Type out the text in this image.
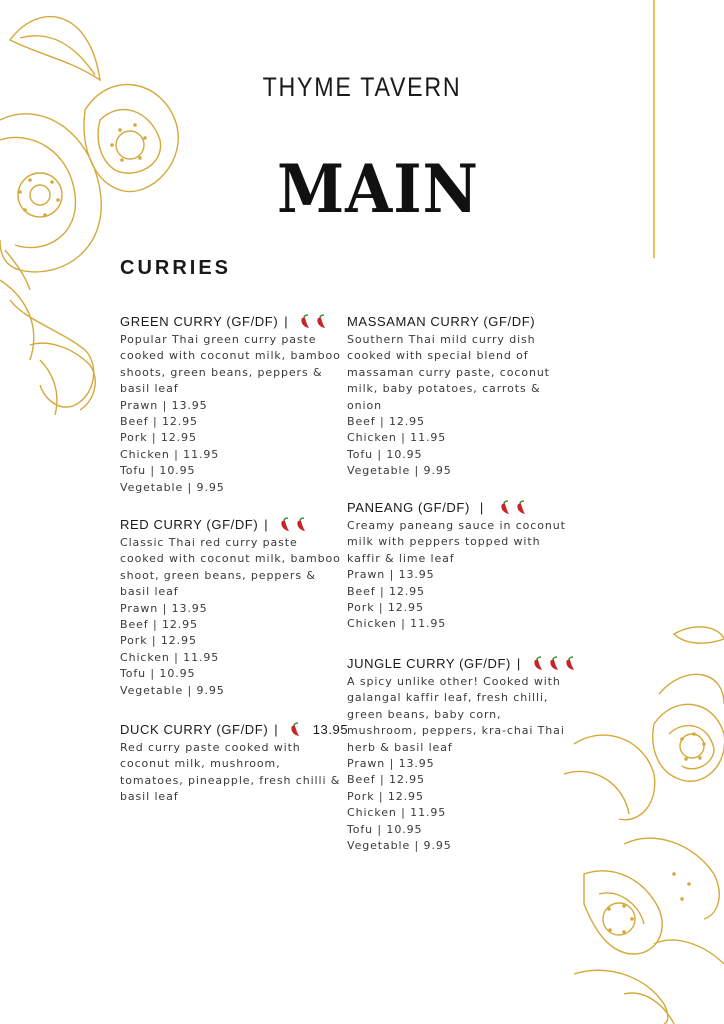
THYME TAVERN
MAIN
CURRIES
GREEN CURRY (GF/DF) |
Popular Thai green curry paste
cooked with coconut milk, bamboo
shoots, green beans, peppers &
basil leaf
Prawn | 13.95
Beef | 12.95
Pork | 12.95
Chicken | 11.95
Tofu | 10.95
Vegetable | 9.95
RED CURRY (GF/DF) |
Classic Thai red curry paste
cooked with coconut milk, bamboo
shoot, green beans, peppers &
basil leaf
Prawn | 13.95
Beef | 12.95
Pork | 12.95
Chicken | 11.95
Tofu | 10.95
Vegetable | 9.95
DUCK CURRY (GF/DF) |	13.95
Red curry paste cooked with
coconut milk, mushroom,
tomatoes, pineapple, fresh chilli &
basil leaf
MASSAMAN CURRY (GF/DF)
Southern Thai mild curry dish
cooked with special blend of
massaman curry paste, coconut
milk, baby potatoes, carrots &
onion
Beef | 12.95
Chicken | 11.95
Tofu | 10.95
Vegetable | 9.95
PANEANG (GF/DF) |
Creamy paneang sauce in coconut
milk with peppers topped with
kaffir & lime leaf
Prawn | 13.95
Beef | 12.95
Pork | 12.95
Chicken | 11.95
JUNGLE CURRY (GF/DF) |
A spicy unlike other! Cooked with
galangal kaffir leaf, fresh chilli,
green beans, baby corn,
mushroom, peppers, kra-chai Thai
herb & basil leaf
Prawn | 13.95
Beef | 12.95
Pork | 12.95
Chicken | 11.95
Tofu | 10.95
Vegetable | 9.95
